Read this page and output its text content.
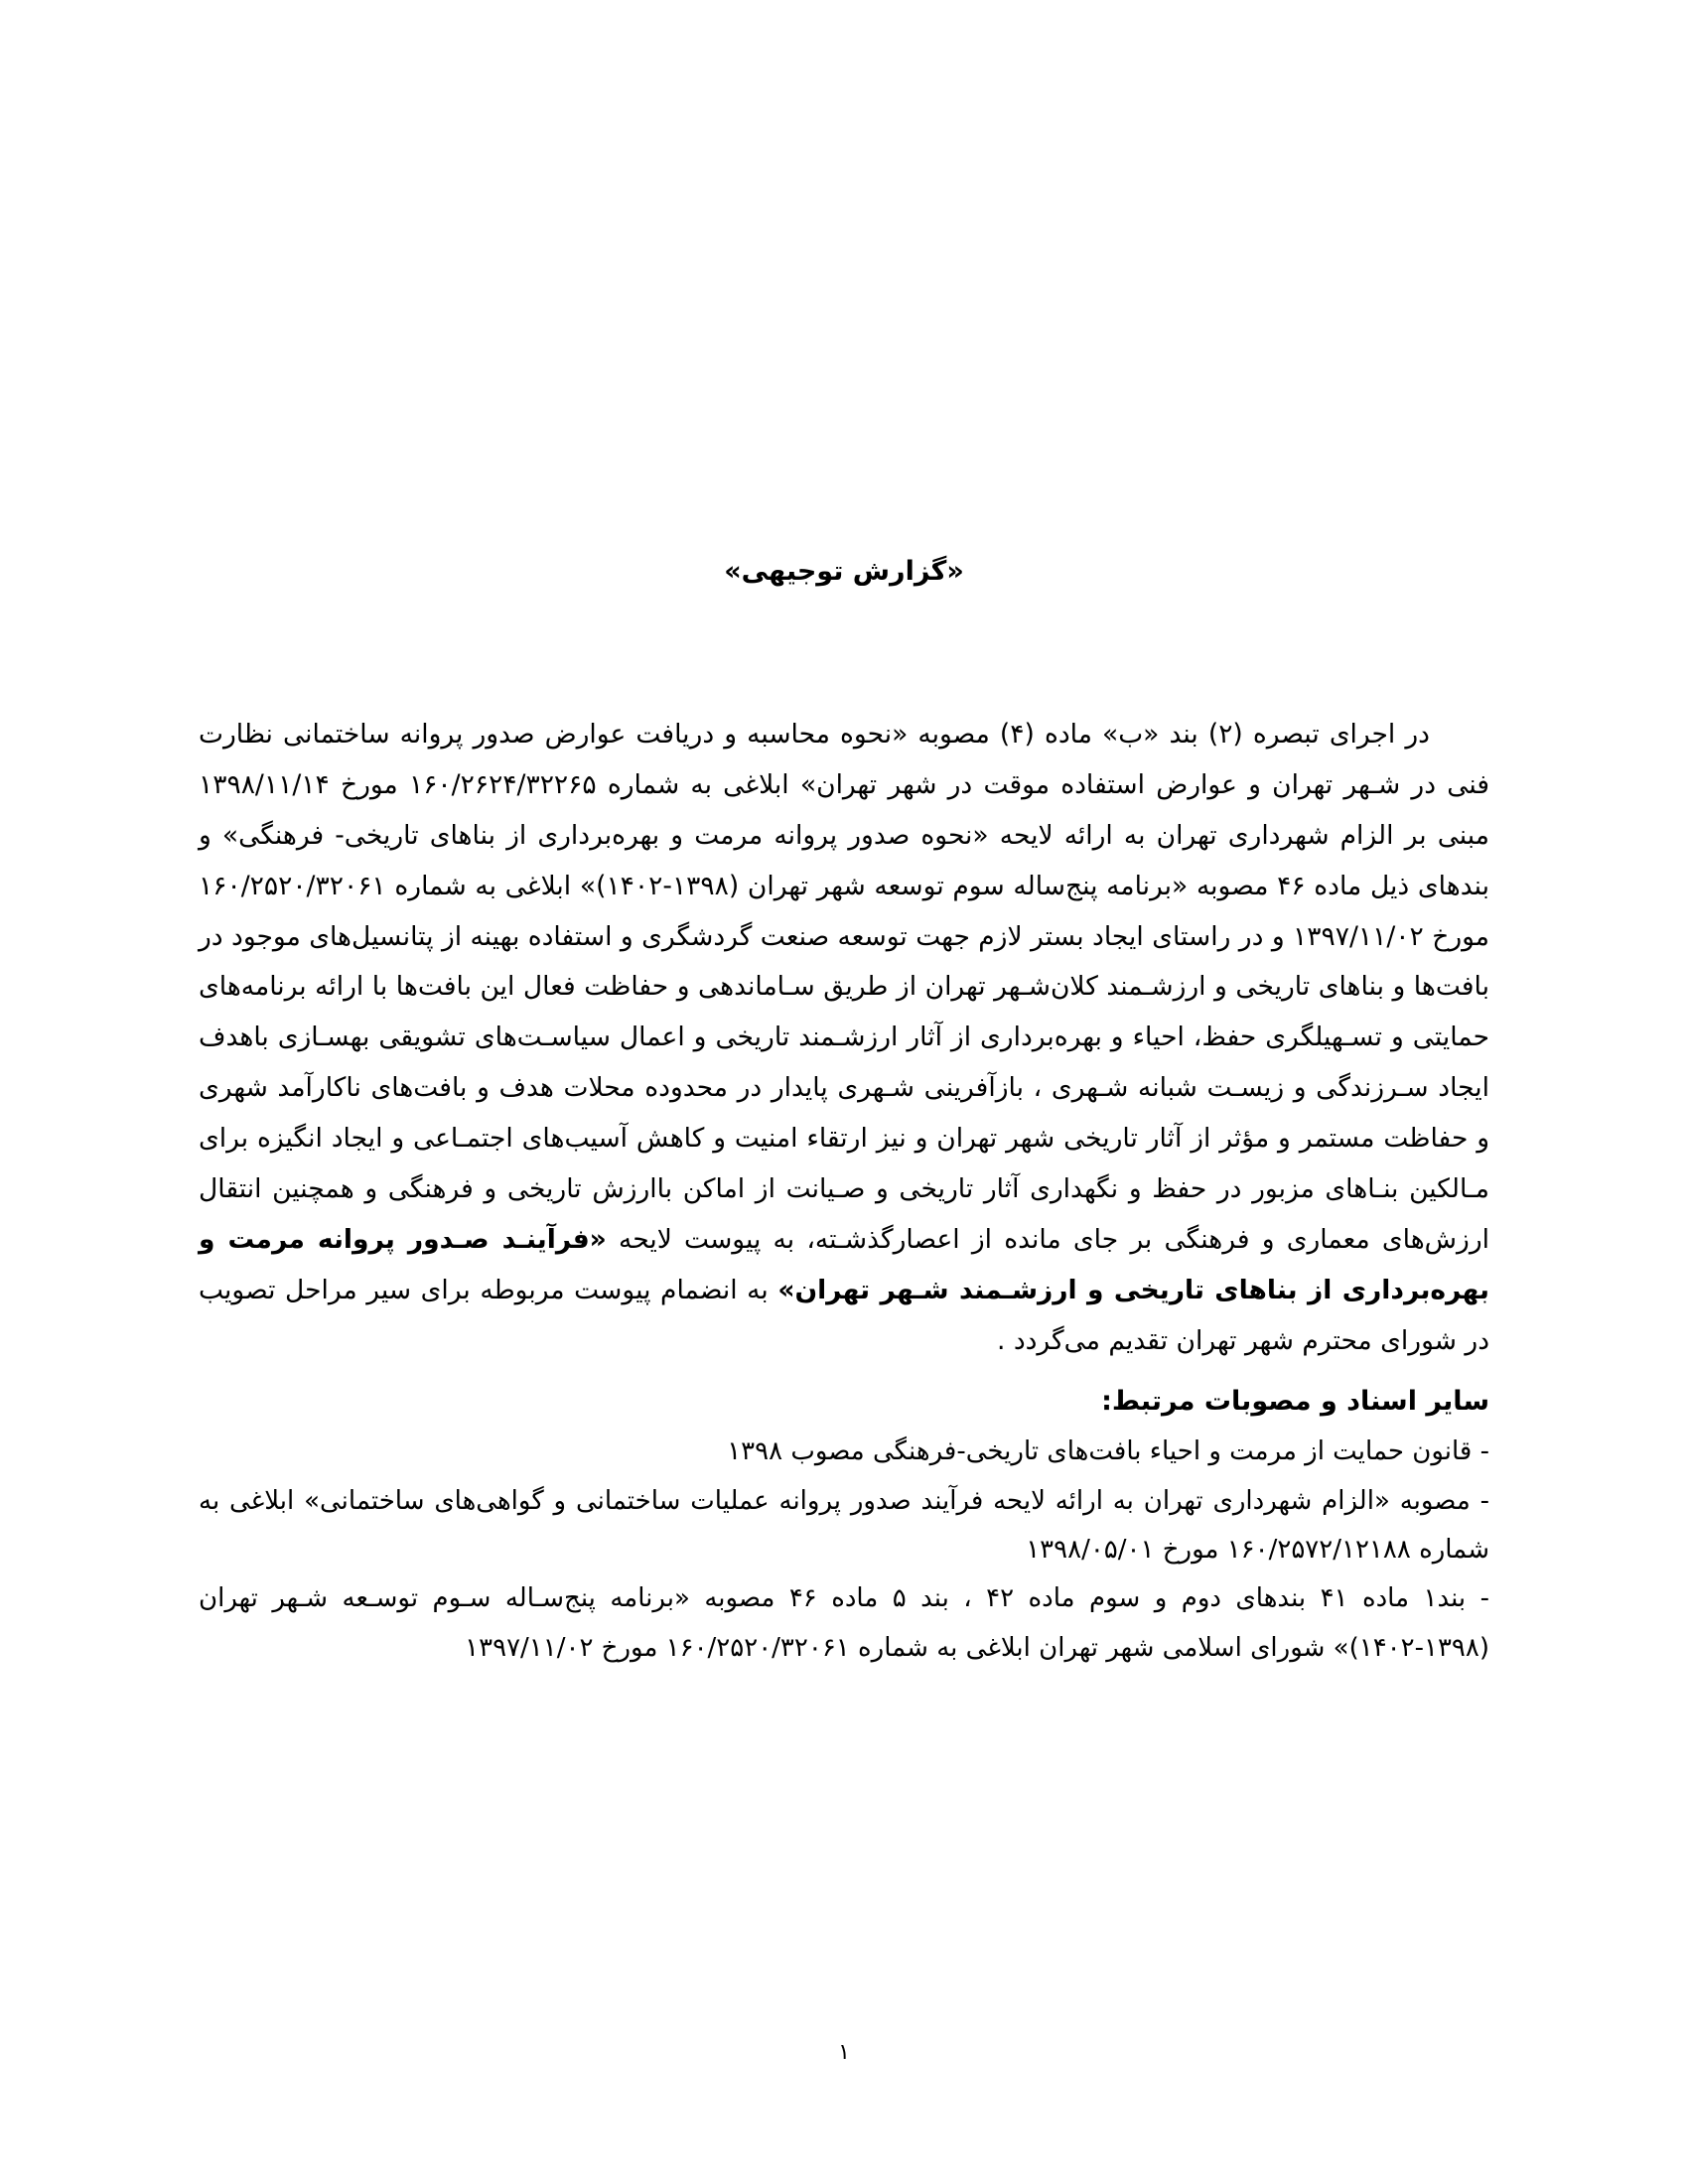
«گزارش توجیهی»

در اجرای تبصره (۲) بند «ب» ماده (۴) مصوبه «نحوه محاسبه و دریافت عوارض صدور پروانه ساختمانی نظارت فنی در شـهر تهران و عوارض استفاده موقت در شهر تهران» ابلاغی به شماره ۱۶۰/۲۶۲۴/۳۲۲۶۵ مورخ ۱۳۹۸/۱۱/۱۴ مبنی بر الزام شهرداری تهران به ارائه لایحه «نحوه صدور پروانه مرمت و بهره‌برداری از بناهای تاریخی- فرهنگی» و بندهای ذیل ماده ۴۶ مصوبه «برنامه پنج‌ساله سوم توسعه شهر تهران (۱۳۹۸-۱۴۰۲)» ابلاغی به شماره ۱۶۰/۲۵۲۰/۳۲۰۶۱ مورخ ۱۳۹۷/۱۱/۰۲ و در راستای ایجاد بستر لازم جهت توسعه صنعت گردشگری و استفاده بهینه از پتانسیل‌های موجود در بافت‌ها و بناهای تاریخی و ارزشـمند کلان‌شـهر تهران از طریق سـاماندهی و حفاظت فعال این بافت‌ها با ارائه برنامه‌های حمایتی و تسـهیلگری حفظ، احیاء و بهره‌برداری از آثار ارزشـمند تاریخی و اعمال سیاسـت‌های تشویقی بهسـازی باهدف ایجاد سـرزندگی و زیسـت شبانه شـهری ، بازآفرینی شـهری پایدار در محدوده محلات هدف و بافت‌های ناکارآمد شهری و حفاظت مستمر و مؤثر از آثار تاریخی شهر تهران و نیز ارتقاء امنیت و کاهش آسیب‌های اجتمـاعی و ایجاد انگیزه برای مـالکین بنـاهای مزبور در حفظ و نگهداری آثار تاریخی و صـیانت از اماکن باارزش تاریخی و فرهنگی و همچنین انتقال ارزش‌های معماری و فرهنگی بر جای مانده از اعصارگذشـته، به پیوست لایحه «فرآینـد صـدور پروانه مرمت و بهره‌برداری از بناهای تاریخی و ارزشـمند شـهر تهران» به انضمام پیوست مربوطه برای سیر مراحل تصویب در شورای محترم شهر تهران تقدیم می‌گردد .

سایر اسناد و مصوبات مرتبط:

- قانون حمایت از مرمت و احیاء بافت‌های تاریخی-فرهنگی مصوب ۱۳۹۸

- مصوبه «الزام شهرداری تهران به ارائه لایحه فرآیند صدور پروانه عملیات ساختمانی و گواهی‌های ساختمانی» ابلاغی به شماره ۱۶۰/۲۵۷۲/۱۲۱۸۸ مورخ ۱۳۹۸/۰۵/۰۱

- بند۱ ماده ۴۱ بندهای دوم و سوم ماده ۴۲ ، بند ۵ ماده ۴۶ مصوبه «برنامه پنج‌سـاله سـوم توسـعه شـهر تهران (۱۳۹۸-۱۴۰۲)» شورای اسلامی شهر تهران ابلاغی به شماره ۱۶۰/۲۵۲۰/۳۲۰۶۱ مورخ ۱۳۹۷/۱۱/۰۲

۱
